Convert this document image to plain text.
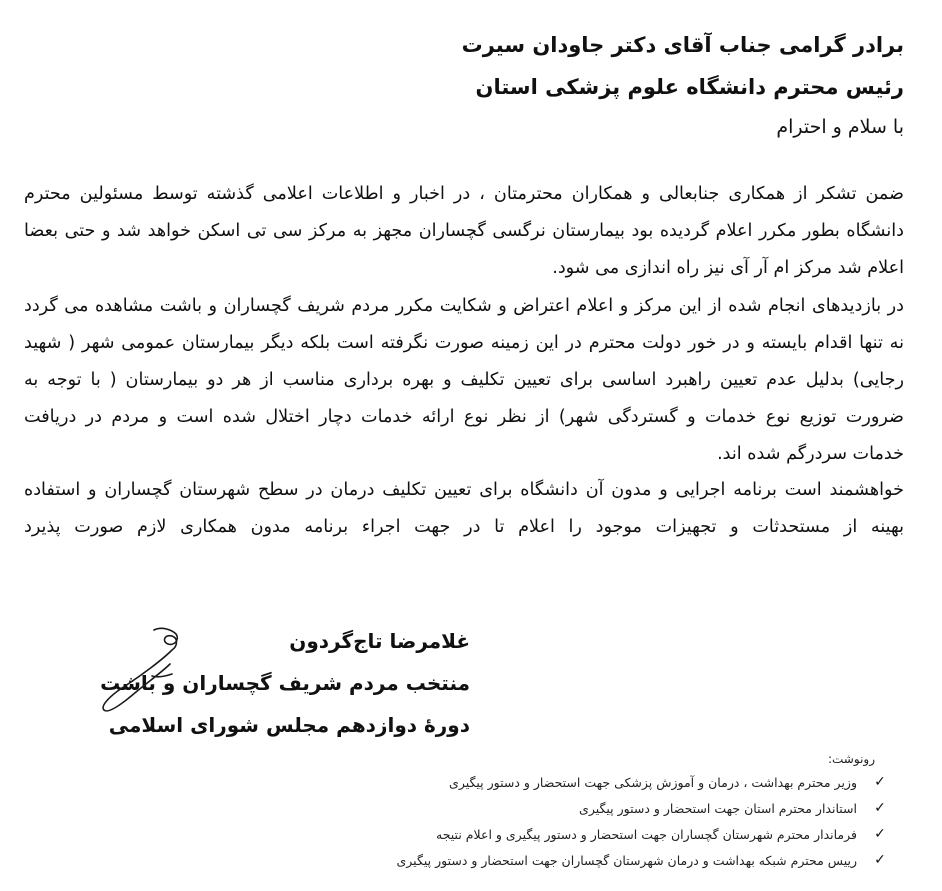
برادر گرامی جناب آقای دکتر جاودان سیرت
رئیس محترم دانشگاه علوم پزشکی استان
با سلام و احترام
ضمن تشکر از همکاری جنابعالی و همکاران محترمتان ، در اخبار و اطلاعات اعلامی گذشته توسط مسئولین محترم
دانشگاه بطور مکرر اعلام گردیده بود بیمارستان نرگسی گچساران مجهز به مرکز سی تی اسکن خواهد شد و حتی بعضا
اعلام شد مرکز ام آر آی نیز راه اندازی می شود.
در بازدیدهای انجام شده از این مرکز و اعلام اعتراض و شکایت مکرر مردم شریف گچساران و باشت مشاهده می گردد
نه تنها اقدام بایسته و در خور دولت محترم در این زمینه صورت نگرفته است بلکه دیگر بیمارستان عمومی شهر ( شهید
رجایی) بدلیل عدم تعیین راهبرد اساسی برای تعیین تکلیف و بهره برداری مناسب از هر دو بیمارستان ( با توجه به
ضرورت توزیع نوع خدمات و گستردگی شهر) از نظر نوع ارائه خدمات دچار اختلال شده است و مردم در دریافت
خدمات سردرگم شده اند.
خواهشمند است برنامه اجرایی و مدون آن دانشگاه برای تعیین تکلیف درمان در سطح شهرستان گچساران و استفاده
بهینه از مستحدثات و تجهیزات موجود را اعلام تا در جهت اجراء برنامه مدون همکاری لازم صورت پذیرد
غلامرضا تاج‌گردون
منتخب مردم شریف گچساران و باشت
دورهٔ دوازدهم مجلس شورای اسلامی
رونوشت:
✓
وزیر محترم بهداشت ، درمان و آموزش پزشکی جهت استحضار و دستور پیگیری
✓
استاندار محترم استان جهت استحضار و دستور پیگیری
✓
فرماندار محترم شهرستان گچساران جهت استحضار و دستور پیگیری و اعلام نتیجه
✓
رییس محترم شبکه بهداشت و درمان شهرستان گچساران جهت استحضار و دستور پیگیری
